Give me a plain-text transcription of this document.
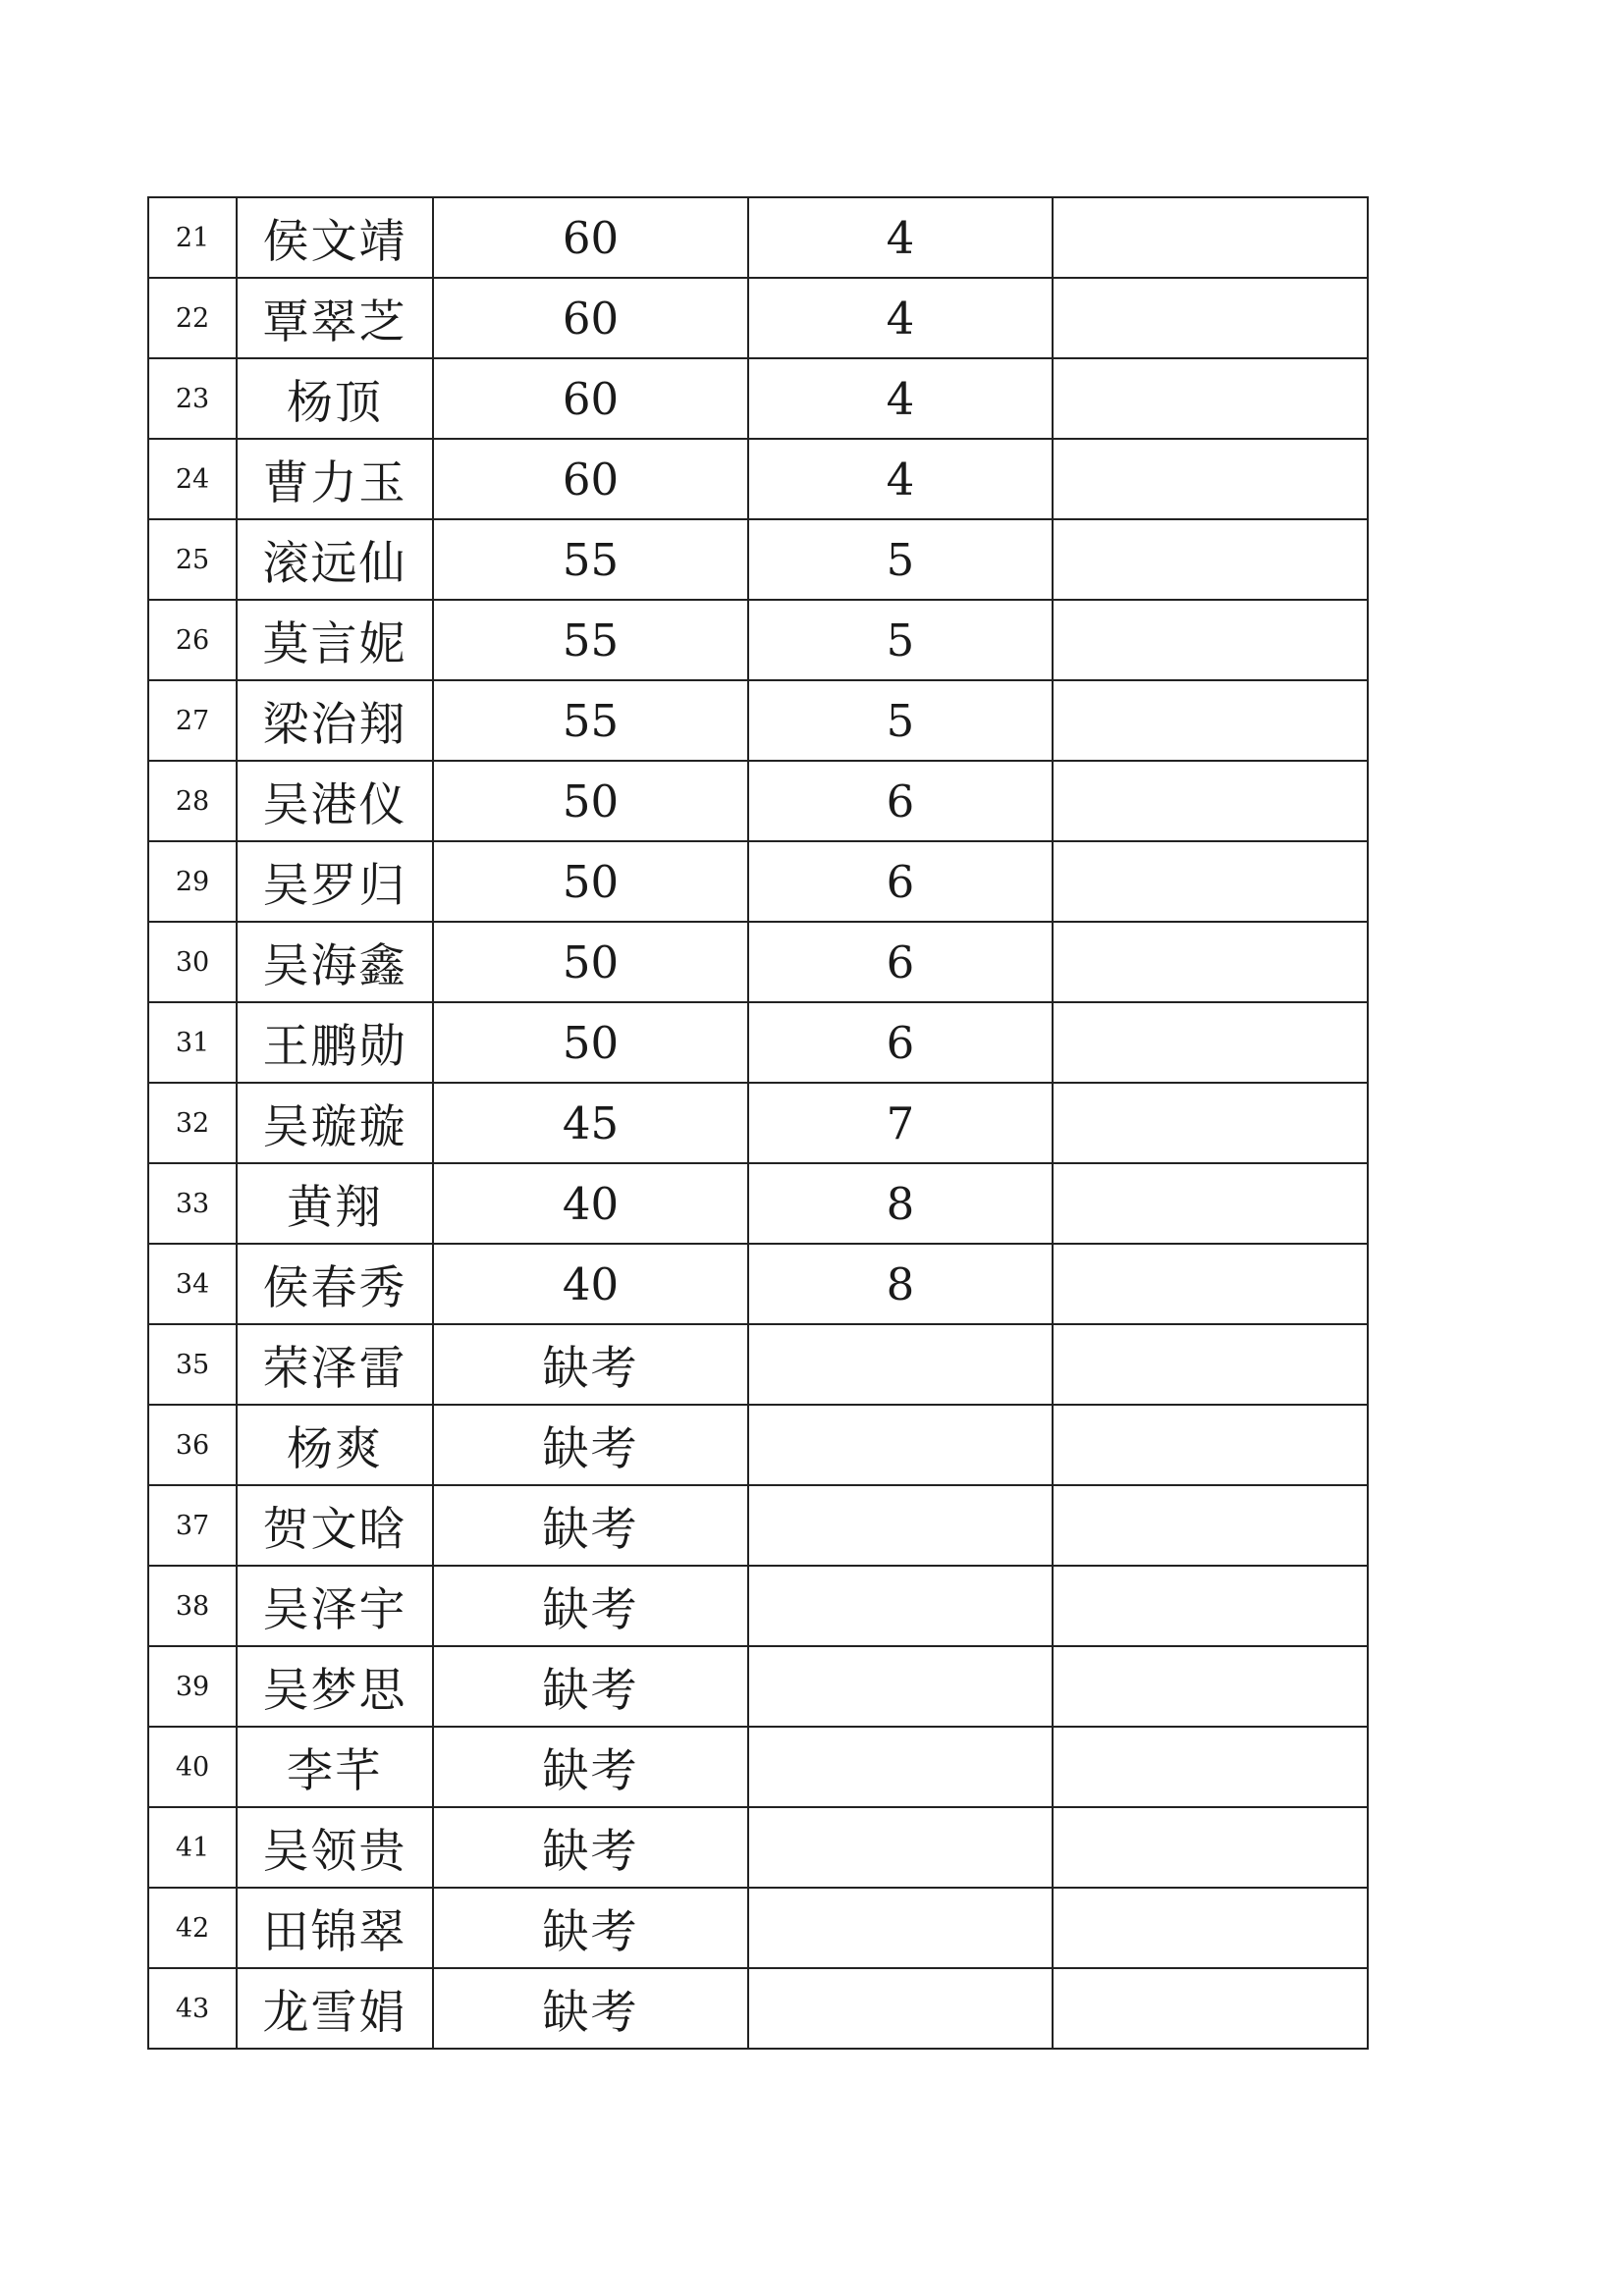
21	侯文靖	60	4	
22	覃翠芝	60	4	
23	杨顶	60	4	
24	曹力玉	60	4	
25	滚远仙	55	5	
26	莫言妮	55	5	
27	梁治翔	55	5	
28	吴港仪	50	6	
29	吴罗归	50	6	
30	吴海鑫	50	6	
31	王鹏勋	50	6	
32	吴璇璇	45	7	
33	黄翔	40	8	
34	侯春秀	40	8	
35	荣泽雷	缺考		
36	杨爽	缺考		
37	贺文晗	缺考		
38	吴泽宇	缺考		
39	吴梦思	缺考		
40	李芊	缺考		
41	吴领贵	缺考		
42	田锦翠	缺考		
43	龙雪娟	缺考		
